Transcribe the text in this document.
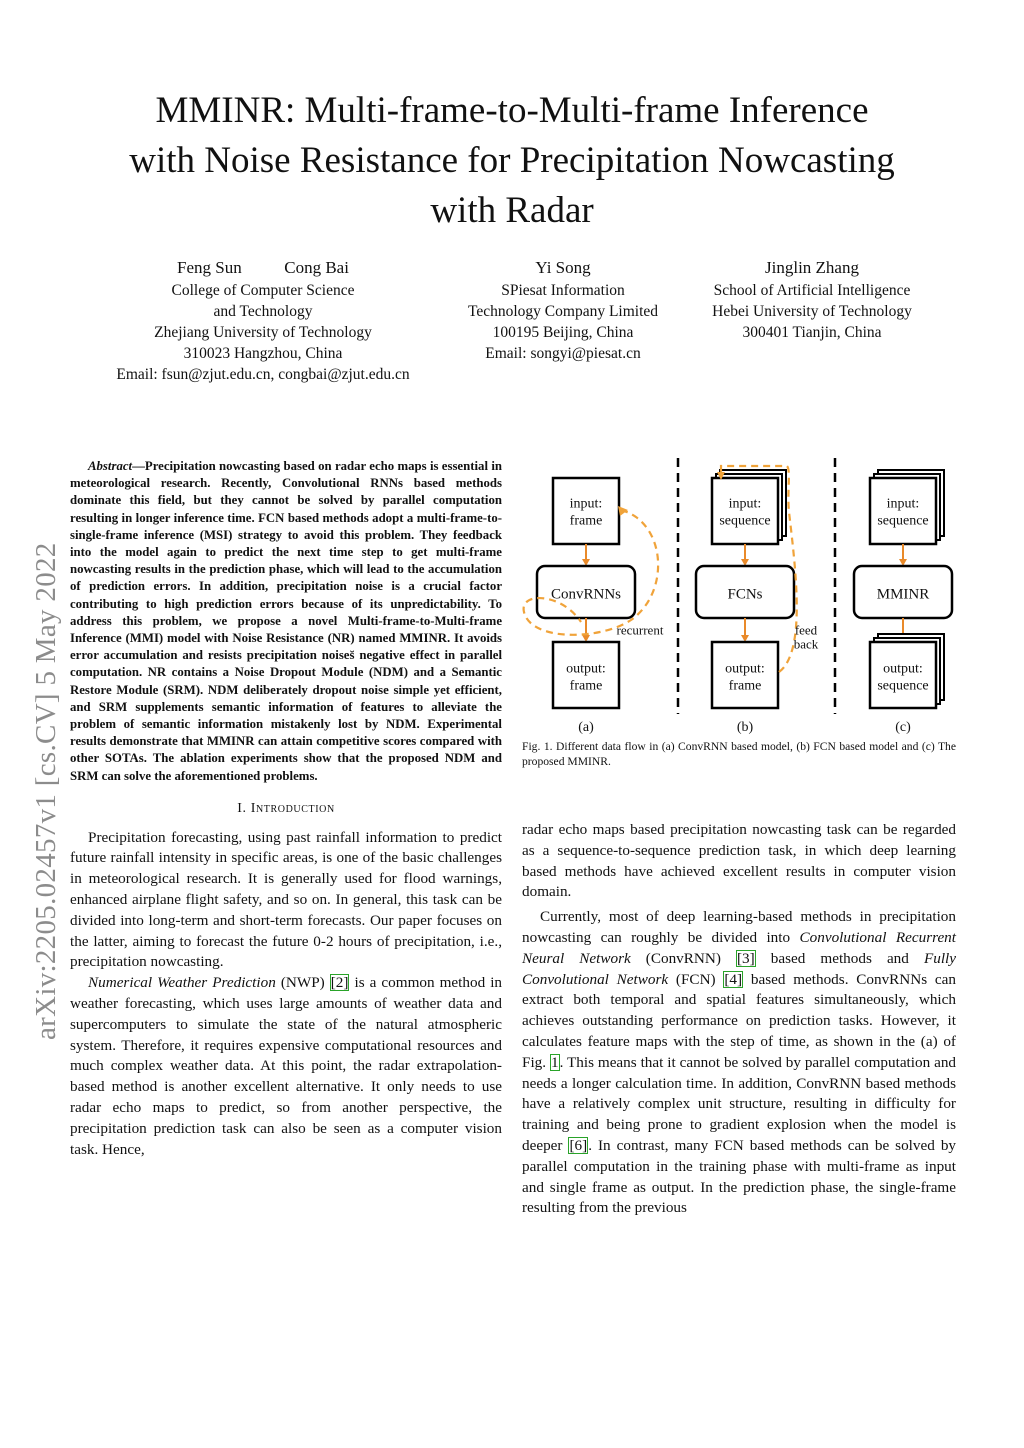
MMINR: Multi-frame-to-Multi-frame Inference
with Noise Resistance for Precipitation Nowcasting
with Radar
Feng Sun	Cong Bai
College of Computer Science
and Technology
Zhejiang University of Technology
310023 Hangzhou, China
Email: fsun@zjut.edu.cn, congbai@zjut.edu.cn
Yi Song
SPiesat Information
Technology Company Limited
100195 Beijing, China
Email: songyi@piesat.cn
Jinglin Zhang
School of Artificial Intelligence
Hebei University of Technology
300401 Tianjin, China
arXiv:2205.02457v1 [cs.CV] 5 May 2022

Abstract—Precipitation nowcasting based on radar echo maps is essential in meteorological research. Recently, Convolutional RNNs based methods dominate this field, but they cannot be solved by parallel computation resulting in longer inference time. FCN based methods adopt a multi-frame-to-single-frame inference (MSI) strategy to avoid this problem. They feedback into the model again to predict the next time step to get multi-frame nowcasting results in the prediction phase, which will lead to the accumulation of prediction errors. In addition, precipitation noise is a crucial factor contributing to high prediction errors because of its unpredictability. To address this problem, we propose a novel Multi-frame-to-Multi-frame Inference (MMI) model with Noise Resistance (NR) named MMINR. It avoids error accumulation and resists precipitation noises̆ negative effect in parallel computation. NR contains a Noise Dropout Module (NDM) and a Semantic Restore Module (SRM). NDM deliberately dropout noise simple yet efficient, and SRM supplements semantic information of features to alleviate the problem of semantic information mistakenly lost by NDM. Experimental results demonstrate that MMINR can attain competitive scores compared with other SOTAs. The ablation experiments show that the proposed NDM and SRM can solve the aforementioned problems.

I. Introduction

Precipitation forecasting, using past rainfall information to predict future rainfall intensity in specific areas, is one of the basic challenges in meteorological research. It is generally used for flood warnings, enhanced airplane flight safety, and so on. In general, this task can be divided into long-term and short-term forecasts. Our paper focuses on the latter, aiming to forecast the future 0-2 hours of precipitation, i.e., precipitation nowcasting.

Numerical Weather Prediction (NWP) [2] is a common method in weather forecasting, which uses large amounts of weather data and supercomputers to simulate the state of the natural atmospheric system. Therefore, it requires expensive computational resources and much complex weather data. At this point, the radar extrapolation-based method is another excellent alternative. It only needs to use radar echo maps to predict, so from another perspective, the precipitation prediction task can also be seen as a computer vision task. Hence,

input: frame
ConvRNNs
output: frame
(a)
input: sequence
FCNs
output: frame
(b)
input: sequence
MMINR
output: sequence
(c)
recurrent	feed back
Fig. 1. Different data flow in (a) ConvRNN based model, (b) FCN based model and (c) The proposed MMINR.

radar echo maps based precipitation nowcasting task can be regarded as a sequence-to-sequence prediction task, in which deep learning based methods have achieved excellent results in computer vision domain.

Currently, most of deep learning-based methods in precipitation nowcasting can roughly be divided into Convolutional Recurrent Neural Network (ConvRNN) [3] based methods and Fully Convolutional Network (FCN) [4] based methods. ConvRNNs can extract both temporal and spatial features simultaneously, which achieves outstanding performance on prediction tasks. However, it calculates feature maps with the step of time, as shown in the (a) of Fig. 1. This means that it cannot be solved by parallel computation and needs a longer calculation time. In addition, ConvRNN based methods have a relatively complex unit structure, resulting in difficulty for training and being prone to gradient explosion when the model is deeper [6]. In contrast, many FCN based methods can be solved by parallel computation in the training phase with multi-frame as input and single frame as output. In the prediction phase, the single-frame resulting from the previous
